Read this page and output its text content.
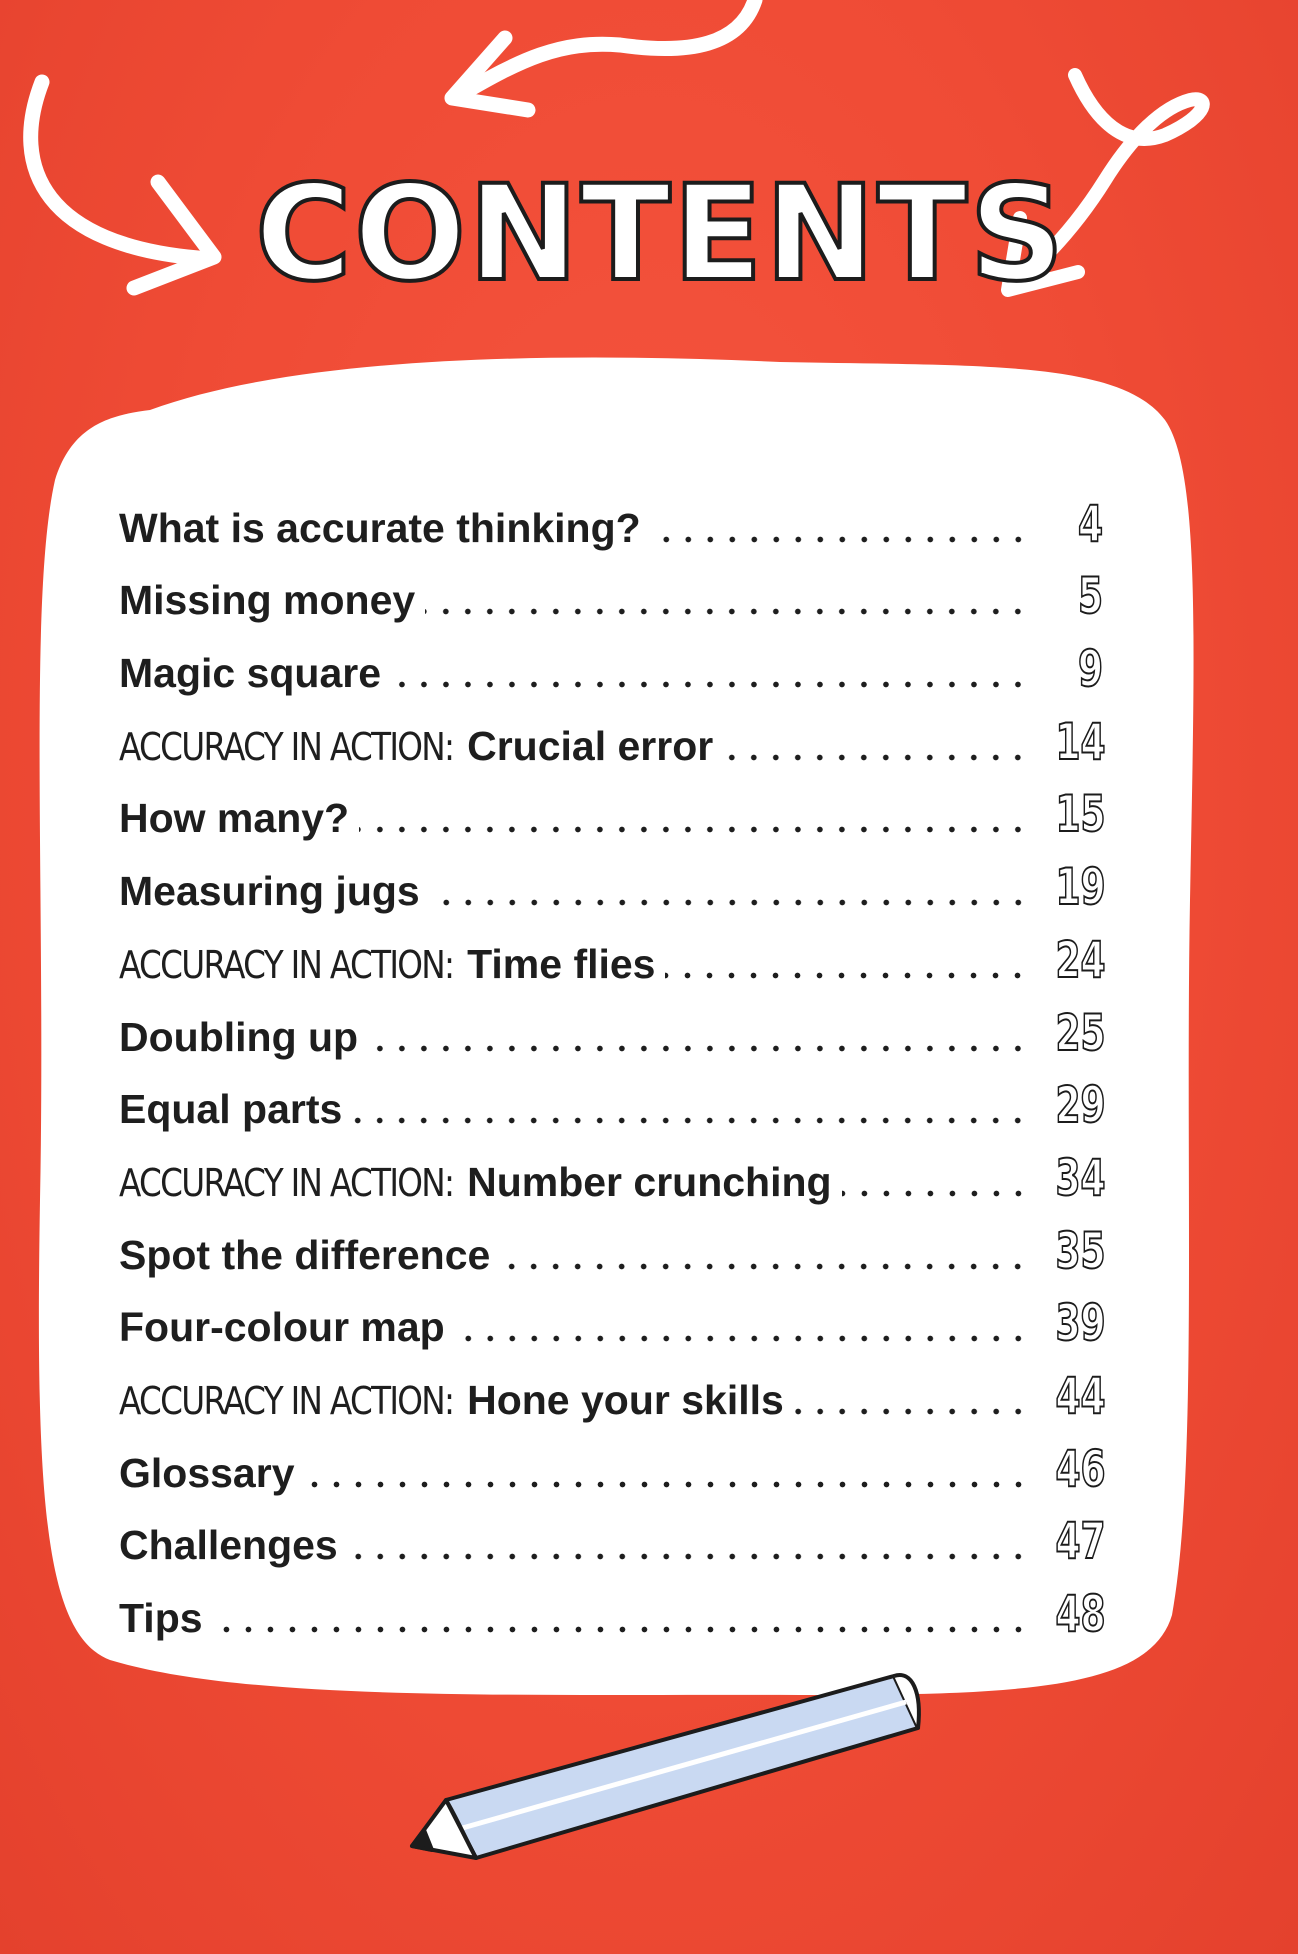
CONTENTS
What is accurate thinking?	4
Missing money	5
Magic square	9
ACCURACY IN ACTION: Crucial error	14
How many?	15
Measuring jugs	19
ACCURACY IN ACTION: Time flies	24
Doubling up	25
Equal parts	29
ACCURACY IN ACTION: Number crunching	34
Spot the difference	35
Four-colour map	39
ACCURACY IN ACTION: Hone your skills	44
Glossary	46
Challenges	47
Tips	48
